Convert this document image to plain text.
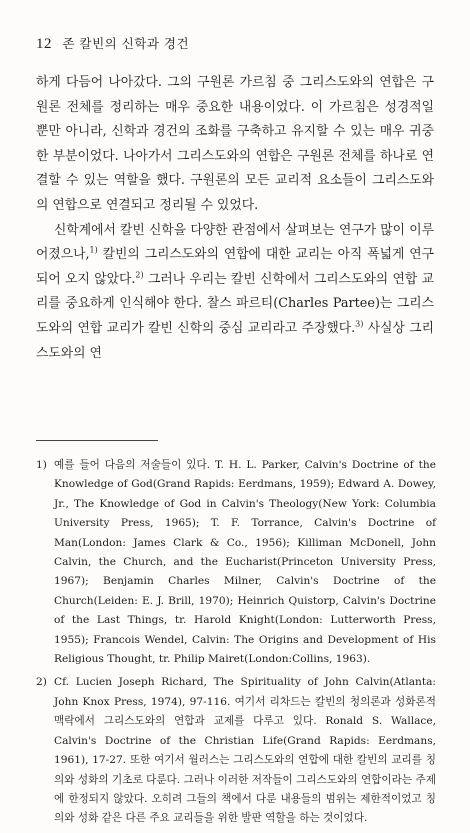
12 존 칼빈의 신학과 경건

하게 다듬어 나아갔다. 그의 구원론 가르침 중 그리스도와의 연합은 구원론 전체를 정리하는 매우 중요한 내용이었다. 이 가르침은 성경적일 뿐만 아니라, 신학과 경건의 조화를 구축하고 유지할 수 있는 매우 귀중한 부분이었다. 나아가서 그리스도와의 연합은 구원론 전체를 하나로 연결할 수 있는 역할을 했다. 구원론의 모든 교리적 요소들이 그리스도와의 연합으로 연결되고 정리될 수 있었다.

신학계에서 칼빈 신학을 다양한 관점에서 살펴보는 연구가 많이 이루어졌으나,$^{1)}$ 칼빈의 그리스도와의 연합에 대한 교리는 아직 폭넓게 연구되어 오지 않았다.$^{2)}$ 그러나 우리는 칼빈 신학에서 그리스도와의 연합 교리를 중요하게 인식해야 한다. 찰스 파르티(Charles Partee)는 그리스도와의 연합 교리가 칼빈 신학의 중심 교리라고 주장했다.$^{3)}$ 사실상 그리스도와의 연

1) 예를 들어 다음의 저술들이 있다. T. H. L. Parker, Calvin's Doctrine of the Knowledge of God(Grand Rapids: Eerdmans, 1959); Edward A. Dowey, Jr., The Knowledge of God in Calvin's Theology(New York: Columbia University Press, 1965); T. F. Torrance, Calvin's Doctrine of Man(London: James Clark & Co., 1956); Killiman McDonell, John Calvin, the Church, and the Eucharist(Princeton University Press, 1967); Benjamin Charles Milner, Calvin's Doctrine of the Church(Leiden: E. J. Brill, 1970); Heinrich Quistorp, Calvin's Doctrine of the Last Things, tr. Harold Knight(London: Lutterworth Press, 1955); Francois Wendel, Calvin: The Origins and Development of His Religious Thought, tr. Philip Mairet(London:Collins, 1963).
2) Cf. Lucien Joseph Richard, The Spirituality of John Calvin(Atlanta: John Knox Press, 1974), 97-116. 여기서 리차드는 칼빈의 청의론과 성화론적 맥락에서 그리스도와의 연합과 교제를 다루고 있다. Ronald S. Wallace, Calvin's Doctrine of the Christian Life(Grand Rapids: Eerdmans, 1961), 17-27. 또한 여기서 월러스는 그리스도와의 연합에 대한 칼빈의 교리를 칭의와 성화의 기초로 다룬다. 그러나 이러한 저작들이 그리스도와의 연합이라는 주제에 한정되지 않았다. 오히려 그들의 책에서 다룬 내용들의 범위는 제한적이었고 칭의와 성화 같은 다른 주요 교리들을 위한 발판 역할을 하는 것이었다.
